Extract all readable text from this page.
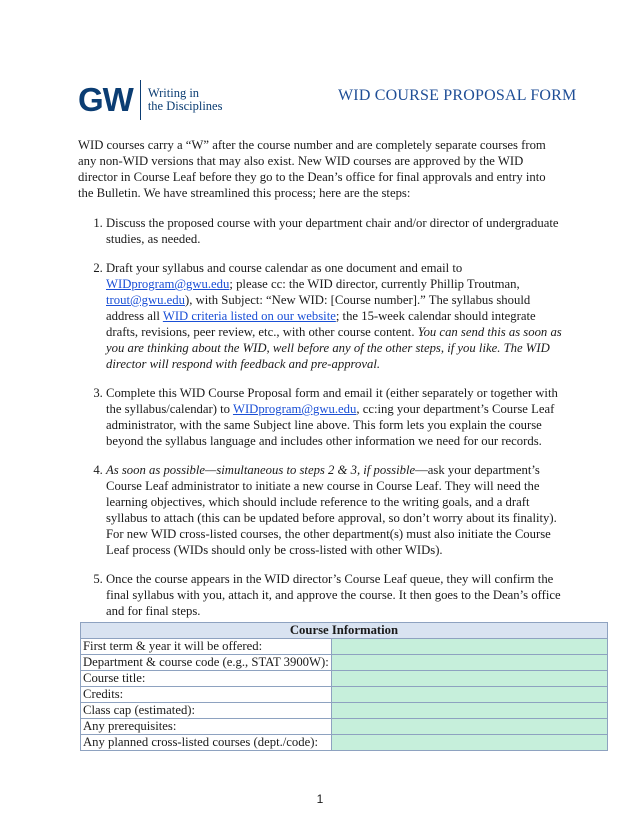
GW Writing in
the Disciplines
WID COURSE PROPOSAL FORM

WID courses carry a “W” after the course number and are completely separate courses from any non-WID versions that may also exist. New WID courses are approved by the WID director in Course Leaf before they go to the Dean’s office for final approvals and entry into the Bulletin. We have streamlined this process; here are the steps:

1. Discuss the proposed course with your department chair and/or director of undergraduate studies, as needed.
2. Draft your syllabus and course calendar as one document and email to WIDprogram@gwu.edu; please cc: the WID director, currently Phillip Troutman, trout@gwu.edu), with Subject: “New WID: [Course number].” The syllabus should address all WID criteria listed on our website; the 15-week calendar should integrate drafts, revisions, peer review, etc., with other course content. You can send this as soon as you are thinking about the WID, well before any of the other steps, if you like. The WID director will respond with feedback and pre-approval.
3. Complete this WID Course Proposal form and email it (either separately or together with the syllabus/calendar) to WIDprogram@gwu.edu, cc:ing your department’s Course Leaf administrator, with the same Subject line above. This form lets you explain the course beyond the syllabus language and includes other information we need for our records.
4. As soon as possible—simultaneous to steps 2 & 3, if possible—ask your department’s Course Leaf administrator to initiate a new course in Course Leaf. They will need the learning objectives, which should include reference to the writing goals, and a draft syllabus to attach (this can be updated before approval, so don’t worry about its finality). For new WID cross-listed courses, the other department(s) must also initiate the Course Leaf process (WIDs should only be cross-listed with other WIDs).
5. Once the course appears in the WID director’s Course Leaf queue, they will confirm the final syllabus with you, attach it, and approve the course. It then goes to the Dean’s office and for final steps.
Course Information	
First term & year it will be offered:	
Department & course code (e.g., STAT 3900W):	
Course title:	
Credits:	
Class cap (estimated):	
Any prerequisites:	
Any planned cross-listed courses (dept./code):	
1
